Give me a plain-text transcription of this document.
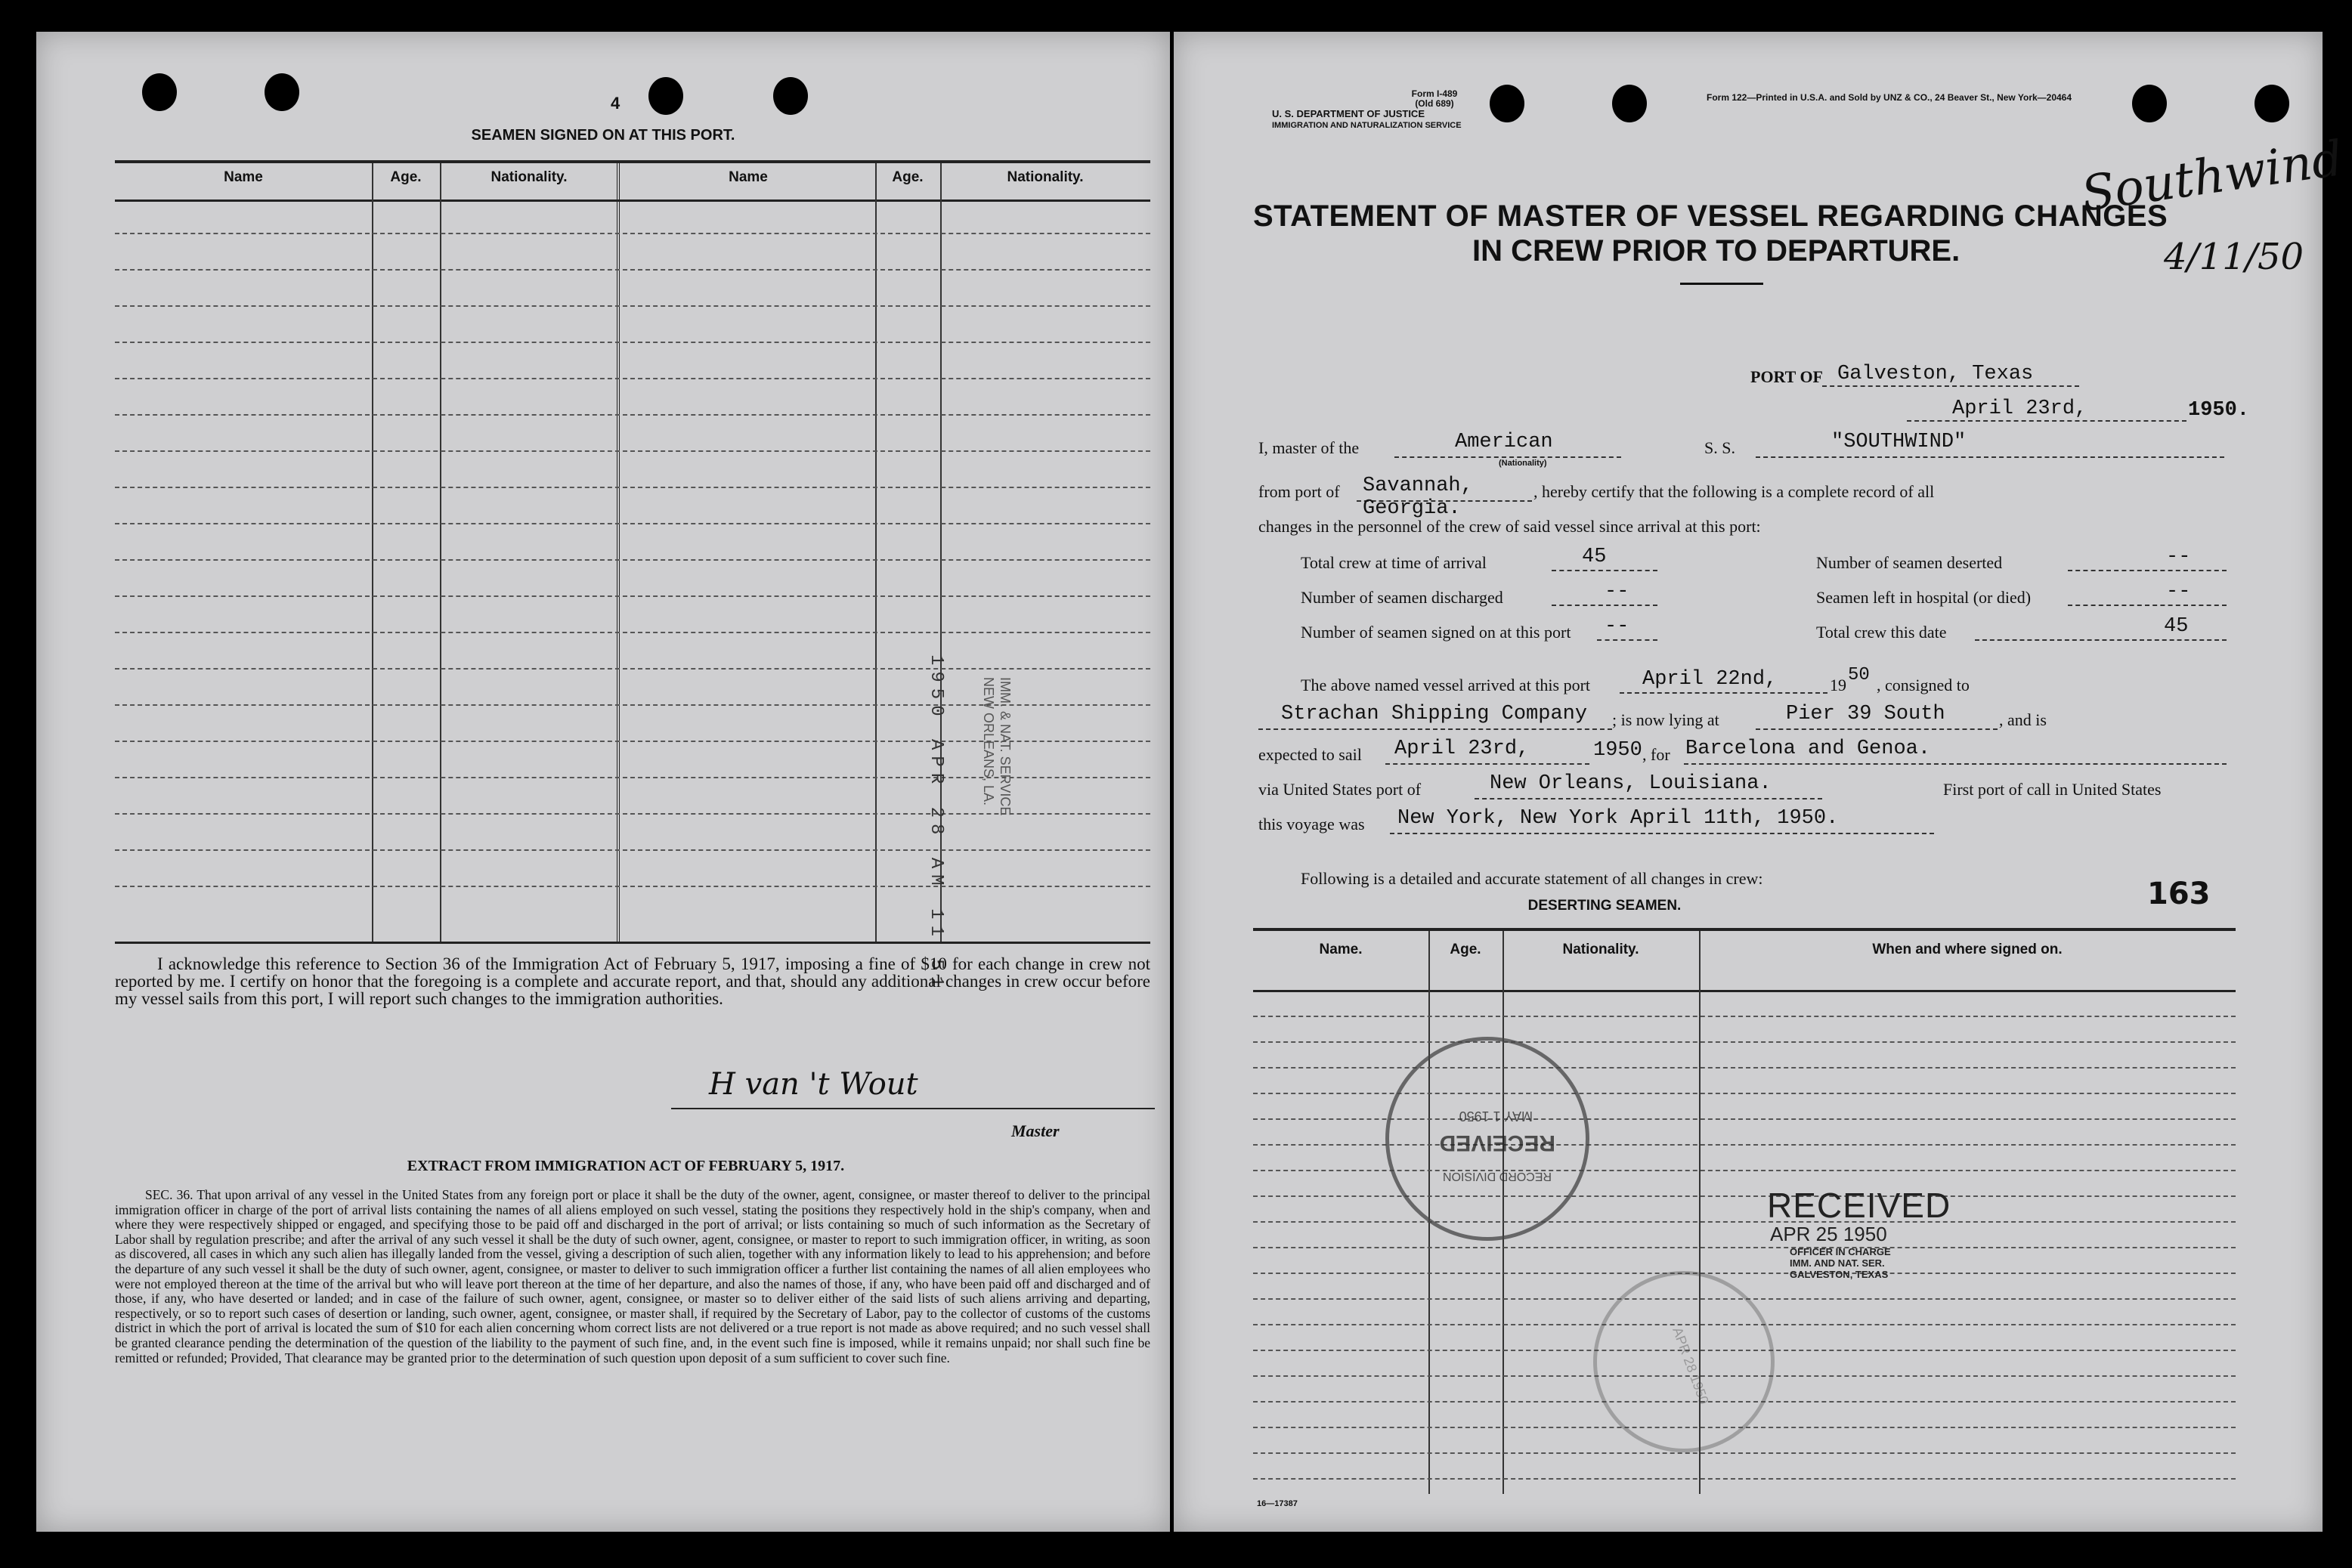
4
SEAMEN SIGNED ON AT THIS PORT.
Name	Age.	Nationality.	Name	Age.	Nationality.
1950 APR 28 AM 11 51	IMM. & NAT. SERVICE
NEW ORLEANS, LA.

I acknowledge this reference to Section 36 of the Immigration Act of February 5, 1917, imposing a fine of $10 for each change in crew not reported by me. I certify on honor that the foregoing is a complete and accurate report, and that, should any additional changes in crew occur before my vessel sails from this port, I will report such changes to the immigration authorities.

H van 't Wout
Master
EXTRACT FROM IMMIGRATION ACT OF FEBRUARY 5, 1917.

SEC. 36. That upon arrival of any vessel in the United States from any foreign port or place it shall be the duty of the owner, agent, consignee, or master thereof to deliver to the principal immigration officer in charge of the port of arrival lists containing the names of all aliens employed on such vessel, stating the positions they respectively hold in the ship's company, when and where they were respectively shipped or engaged, and specifying those to be paid off and discharged in the port of arrival; or lists containing so much of such information as the Secretary of Labor shall by regulation prescribe; and after the arrival of any such vessel it shall be the duty of such owner, agent, consignee, or master to report to such immigration officer, in writing, as soon as discovered, all cases in which any such alien has illegally landed from the vessel, giving a description of such alien, together with any information likely to lead to his apprehension; and before the departure of any such vessel it shall be the duty of such owner, agent, consignee, or master to deliver to such immigration officer a further list containing the names of all alien employees who were not employed thereon at the time of the arrival but who will leave port thereon at the time of her departure, and also the names of those, if any, who have been paid off and discharged and of those, if any, who have deserted or landed; and in case of the failure of such owner, agent, consignee, or master so to deliver either of the said lists of such aliens arriving and departing, respectively, or so to report such cases of desertion or landing, such owner, agent, consignee, or master shall, if required by the Secretary of Labor, pay to the collector of customs of the customs district in which the port of arrival is located the sum of $10 for each alien concerning whom correct lists are not delivered or a true report is not made as above required; and no such vessel shall be granted clearance pending the determination of the question of the liability to the payment of such fine, and, in the event such fine is imposed, while it remains unpaid; nor shall such fine be remitted or refunded; Provided, That clearance may be granted prior to the determination of such question upon deposit of a sum sufficient to cover such fine.

Form I-489
(Old 689)
U. S. DEPARTMENT OF JUSTICE
IMMIGRATION AND NATURALIZATION SERVICE
Form 122—Printed in U.S.A. and Sold by UNZ & CO., 24 Beaver St., New York—20464
Southwind
4/11/50
STATEMENT OF MASTER OF VESSEL REGARDING CHANGES
IN CREW PRIOR TO DEPARTURE.
PORT OF Galveston, Texas
April 23rd,	1950.
I, master of the	American
(Nationality)
S. S.	"SOUTHWIND"
from port of Savannah, Georgia.
, hereby certify that the following is a complete record of all
changes in the personnel of the crew of said vessel since arrival at this port:
Total crew at time of arrival	45	Number of seamen deserted	--
Number of seamen discharged	--	Seamen left in hospital (or died)	--
Number of seamen signed on at this port --	Total crew this date	45
The above named vessel arrived at this port	April 22nd,	19 50 , consigned to
Strachan Shipping Company ; is now lying at	Pier 39 South	, and is
expected to sail April 23rd,	1950 , for Barcelona and Genoa.
via United States port of	New Orleans, Louisiana.	First port of call in United States
this voyage was New York, New York April 11th, 1950.
Following is a detailed and accurate statement of all changes in crew:
DESERTING SEAMEN.	163
Name.	Age.	Nationality.	When and where signed on.
RECEIVED
MAY 1 1950
RECORD DIVISION
RECEIVED
APR 25 1950
OFFICER IN CHARGE
IMM. AND NAT. SER.
GALVESTON, TEXAS
APR 28 1950
16—17387
